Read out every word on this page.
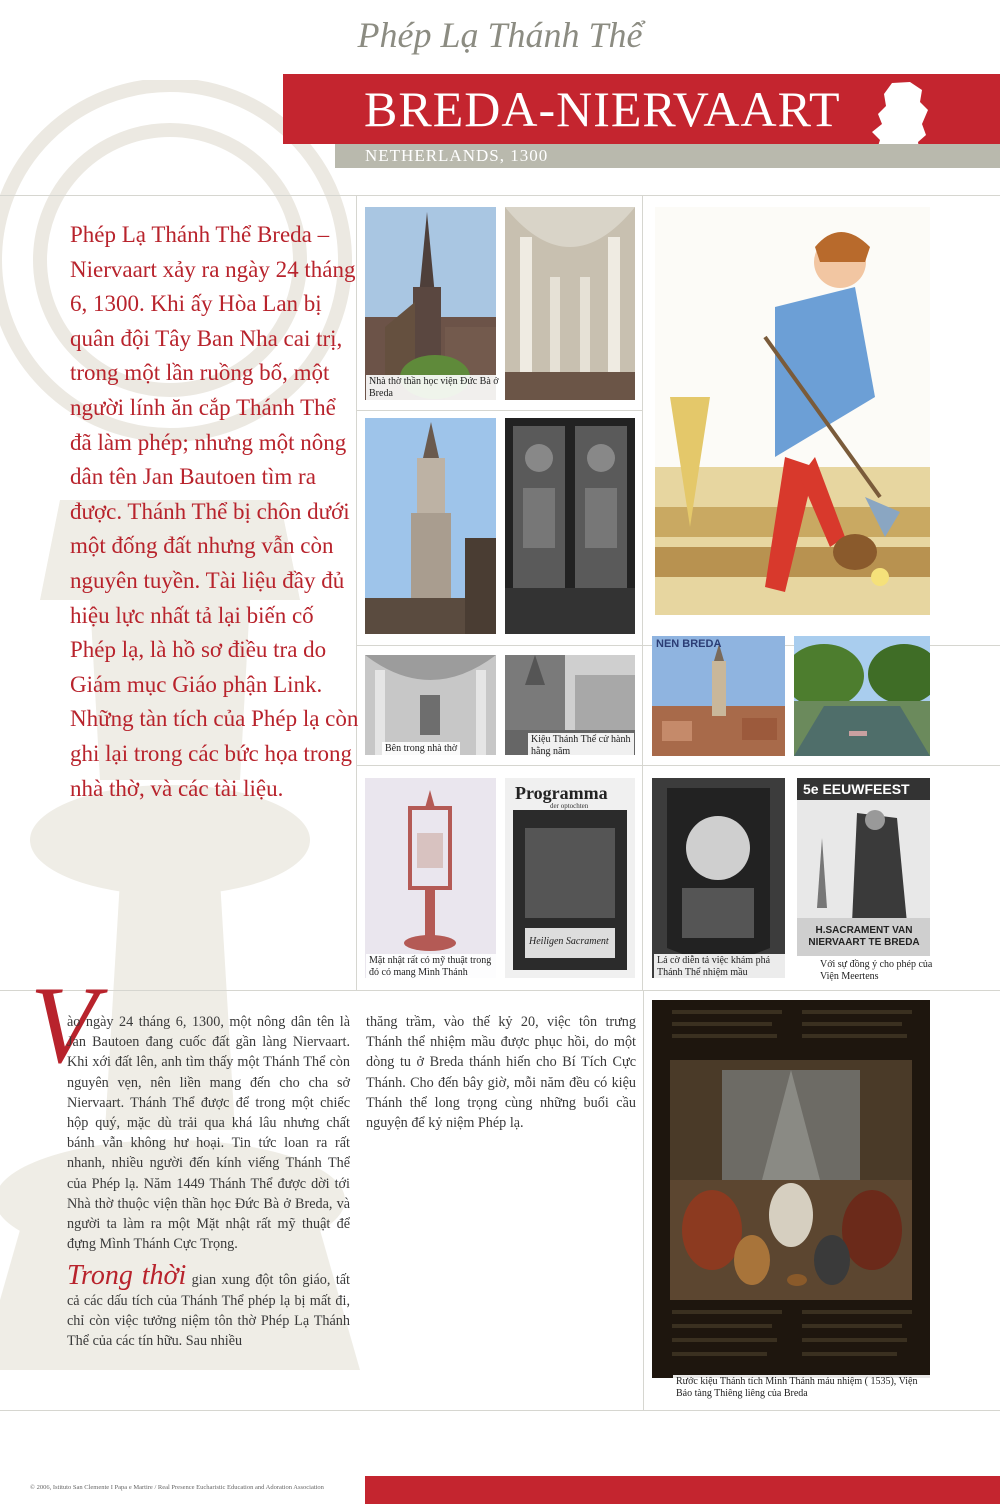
Phép Lạ Thánh Thể
BREDA-NIERVAART
NETHERLANDS, 1300
Phép Lạ Thánh Thể Breda – Niervaart xảy ra ngày 24 tháng 6, 1300. Khi ấy Hòa Lan bị quân đội Tây Ban Nha cai trị, trong một lần ruồng bố, một người lính ăn cắp Thánh Thể đã làm phép; nhưng một nông dân tên Jan Bautoen tìm ra được. Thánh Thể bị chôn dưới một đống đất nhưng vẫn còn nguyên tuyền. Tài liệu đầy đủ hiệu lực nhất tả lại biến cố Phép lạ, là hồ sơ điều tra do Giám mục Giáo phận Link. Những tàn tích của Phép lạ còn ghi lại trong các bức họa trong nhà thờ, và các tài liệu.
Nhà thờ thần học viện Đức Bà ở Breda
Bên trong nhà thờ
Kiệu Thánh Thể cử hành hằng năm
NEN BREDA
Mặt nhật rất có mỹ thuật trong đó có mang Mình Thánh
Programma
der optochten
Heiligen Sacrament
Lá cờ diễn tả việc khám phá Thánh Thể nhiệm mầu
5e EEUWFEEST
H.SACRAMENT VAN NIERVAART TE BREDA
Với sự đồng ý cho phép của Viện Meertens
V
ào ngày 24 tháng 6, 1300, một nông dân tên là Jan Bautoen đang cuốc đất gần làng Niervaart. Khi xới đất lên, anh tìm thấy một Thánh Thể còn nguyên vẹn, nên liền mang đến cho cha sở Niervaart. Thánh Thể được để trong một chiếc hộp quý, mặc dù trải qua khá lâu nhưng chất bánh vẫn không hư hoại. Tin tức loan ra rất nhanh, nhiều người đến kính viếng Thánh Thể của Phép lạ. Năm 1449 Thánh Thể được dời tới Nhà thờ thuộc viện thần học Đức Bà ở Breda, và người ta làm ra một Mặt nhật rất mỹ thuật để đựng Mình Thánh Cực Trọng.
Trong thời gian xung đột tôn giáo, tất cả các dấu tích của Thánh Thể phép lạ bị mất đi, chỉ còn việc tưởng niệm tôn thờ Phép Lạ Thánh Thể của các tín hữu. Sau nhiều
thăng trầm, vào thế kỷ 20, việc tôn trưng Thánh thể nhiệm mầu được phục hồi, do một dòng tu ở Breda thánh hiến cho Bí Tích Cực Thánh. Cho đến bây giờ, mỗi năm đều có kiệu Thánh thể long trọng cùng những buổi cầu nguyện để kỷ niệm Phép lạ.
Rước kiệu Thánh tích Minh Thánh máu nhiệm ( 1535), Viện Bảo tàng Thiêng liêng của Breda
© 2006, Istituto San Clemente I Papa e Martire / Real Presence Eucharistic Education and Adoration Association
